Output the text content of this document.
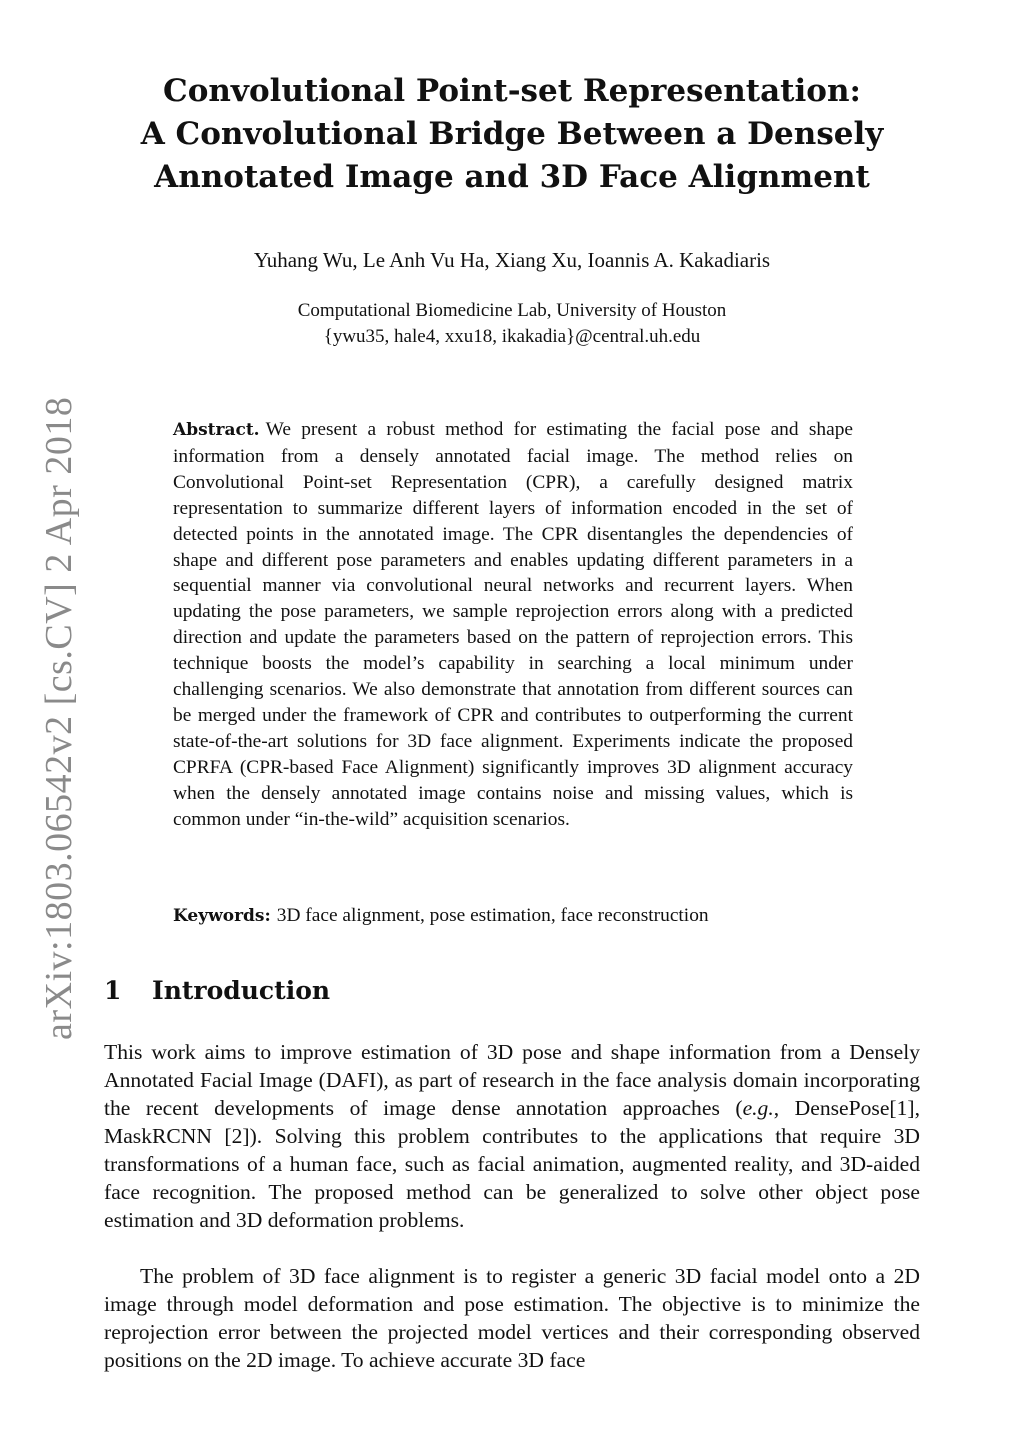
arXiv:1803.06542v2 [cs.CV] 2 Apr 2018
Convolutional Point-set Representation:
A Convolutional Bridge Between a Densely
Annotated Image and 3D Face Alignment
Yuhang Wu, Le Anh Vu Ha, Xiang Xu, Ioannis A. Kakadiaris
Computational Biomedicine Lab, University of Houston
{ywu35, hale4, xxu18, ikakadia}@central.uh.edu
Abstract. We present a robust method for estimating the facial pose and shape information from a densely annotated facial image. The method relies on Convolutional Point-set Representation (CPR), a carefully designed matrix representation to summarize different layers of information encoded in the set of detected points in the annotated image. The CPR disentangles the dependencies of shape and different pose parameters and enables updating different parameters in a sequential manner via convolutional neural networks and recurrent layers. When updating the pose parameters, we sample reprojection errors along with a predicted direction and update the parameters based on the pattern of reprojection errors. This technique boosts the model’s capability in searching a local minimum under challenging scenarios. We also demonstrate that annotation from different sources can be merged under the framework of CPR and contributes to outperforming the current state-of-the-art solutions for 3D face alignment. Experiments indicate the proposed CPRFA (CPR-based Face Alignment) significantly improves 3D alignment accuracy when the densely annotated image contains noise and missing values, which is common under “in-the-wild” acquisition scenarios.
Keywords: 3D face alignment, pose estimation, face reconstruction
1 Introduction
This work aims to improve estimation of 3D pose and shape information from a Densely Annotated Facial Image (DAFI), as part of research in the face analysis domain incorporating the recent developments of image dense annotation approaches (e.g., DensePose[1], MaskRCNN [2]). Solving this problem contributes to the applications that require 3D transformations of a human face, such as facial animation, augmented reality, and 3D-aided face recognition. The proposed method can be generalized to solve other object pose estimation and 3D deformation problems.
The problem of 3D face alignment is to register a generic 3D facial model onto a 2D image through model deformation and pose estimation. The objective is to minimize the reprojection error between the projected model vertices and their corresponding observed positions on the 2D image. To achieve accurate 3D face
